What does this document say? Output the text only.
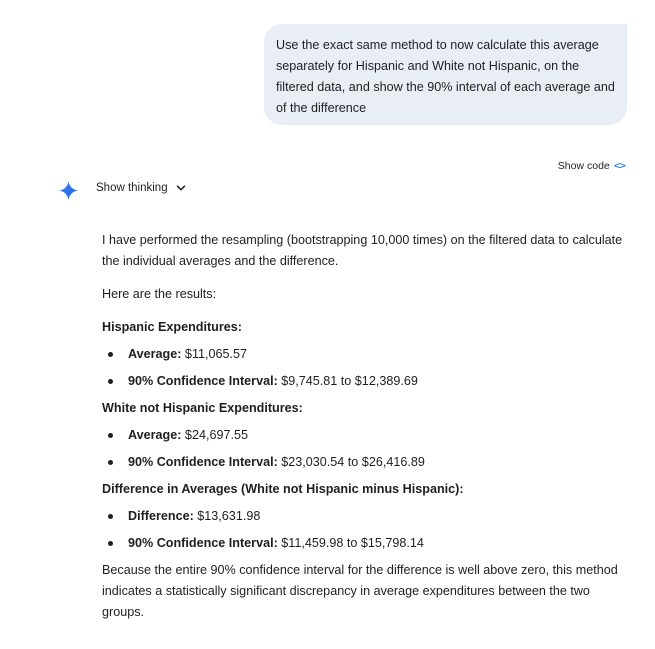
Use the exact same method to now calculate this average separately for Hispanic and White not Hispanic, on the filtered data, and show the 90% interval of each average and of the difference
Show code <>
Show thinking

I have performed the resampling (bootstrapping 10,000 times) on the filtered data to calculate the individual averages and the difference.

Here are the results:

Hispanic Expenditures:

Average: $11,065.57
90% Confidence Interval: $9,745.81 to $12,389.69

White not Hispanic Expenditures:

Average: $24,697.55
90% Confidence Interval: $23,030.54 to $26,416.89

Difference in Averages (White not Hispanic minus Hispanic):

Difference: $13,631.98
90% Confidence Interval: $11,459.98 to $15,798.14

Because the entire 90% confidence interval for the difference is well above zero, this method indicates a statistically significant discrepancy in average expenditures between the two groups.
